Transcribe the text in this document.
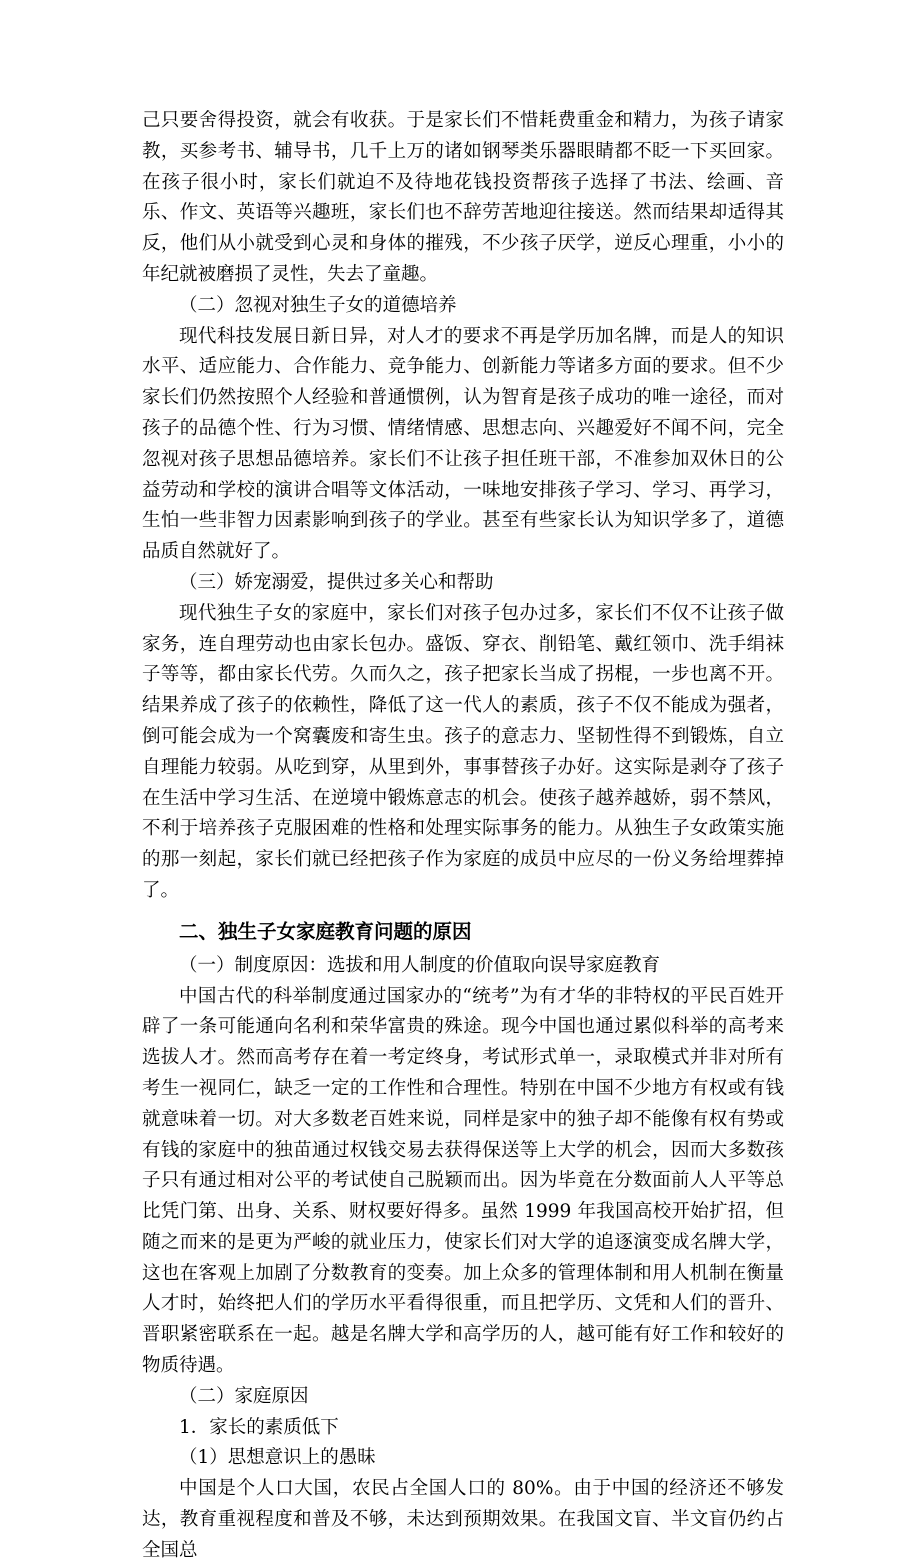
己只要舍得投资，就会有收获。于是家长们不惜耗费重金和精力，为孩子请家教，买参考书、辅导书，几千上万的诸如钢琴类乐器眼睛都不眨一下买回家。在孩子很小时，家长们就迫不及待地花钱投资帮孩子选择了书法、绘画、音乐、作文、英语等兴趣班，家长们也不辞劳苦地迎往接送。然而结果却适得其反，他们从小就受到心灵和身体的摧残，不少孩子厌学，逆反心理重，小小的年纪就被磨损了灵性，失去了童趣。

（二）忽视对独生子女的道德培养

现代科技发展日新日异，对人才的要求不再是学历加名牌，而是人的知识水平、适应能力、合作能力、竞争能力、创新能力等诸多方面的要求。但不少家长们仍然按照个人经验和普通惯例，认为智育是孩子成功的唯一途径，而对孩子的品德个性、行为习惯、情绪情感、思想志向、兴趣爱好不闻不问，完全忽视对孩子思想品德培养。家长们不让孩子担任班干部，不准参加双休日的公益劳动和学校的演讲合唱等文体活动，一味地安排孩子学习、学习、再学习，生怕一些非智力因素影响到孩子的学业。甚至有些家长认为知识学多了，道德品质自然就好了。

（三）娇宠溺爱，提供过多关心和帮助

现代独生子女的家庭中，家长们对孩子包办过多，家长们不仅不让孩子做家务，连自理劳动也由家长包办。盛饭、穿衣、削铅笔、戴红领巾、洗手绢袜子等等，都由家长代劳。久而久之，孩子把家长当成了拐棍，一步也离不开。结果养成了孩子的依赖性，降低了这一代人的素质，孩子不仅不能成为强者，倒可能会成为一个窝囊废和寄生虫。孩子的意志力、坚韧性得不到锻炼，自立自理能力较弱。从吃到穿，从里到外，事事替孩子办好。这实际是剥夺了孩子在生活中学习生活、在逆境中锻炼意志的机会。使孩子越养越娇，弱不禁风，不利于培养孩子克服困难的性格和处理实际事务的能力。从独生子女政策实施的那一刻起，家长们就已经把孩子作为家庭的成员中应尽的一份义务给埋葬掉了。

二、独生子女家庭教育问题的原因

（一）制度原因：选拔和用人制度的价值取向误导家庭教育

中国古代的科举制度通过国家办的“统考”为有才华的非特权的平民百姓开辟了一条可能通向名利和荣华富贵的殊途。现今中国也通过累似科举的高考来选拔人才。然而高考存在着一考定终身，考试形式单一，录取模式并非对所有考生一视同仁，缺乏一定的工作性和合理性。特别在中国不少地方有权或有钱就意味着一切。对大多数老百姓来说，同样是家中的独子却不能像有权有势或有钱的家庭中的独苗通过权钱交易去获得保送等上大学的机会，因而大多数孩子只有通过相对公平的考试使自己脱颖而出。因为毕竟在分数面前人人平等总比凭门第、出身、关系、财权要好得多。虽然 1999 年我国高校开始扩招，但随之而来的是更为严峻的就业压力，使家长们对大学的追逐演变成名牌大学，这也在客观上加剧了分数教育的变奏。加上众多的管理体制和用人机制在衡量人才时，始终把人们的学历水平看得很重，而且把学历、文凭和人们的晋升、晋职紧密联系在一起。越是名牌大学和高学历的人，越可能有好工作和较好的物质待遇。

（二）家庭原因

1．家长的素质低下

（1）思想意识上的愚昧

中国是个人口大国，农民占全国人口的 80%。由于中国的经济还不够发达，教育重视程度和普及不够，未达到预期效果。在我国文盲、半文盲仍约占全国总
